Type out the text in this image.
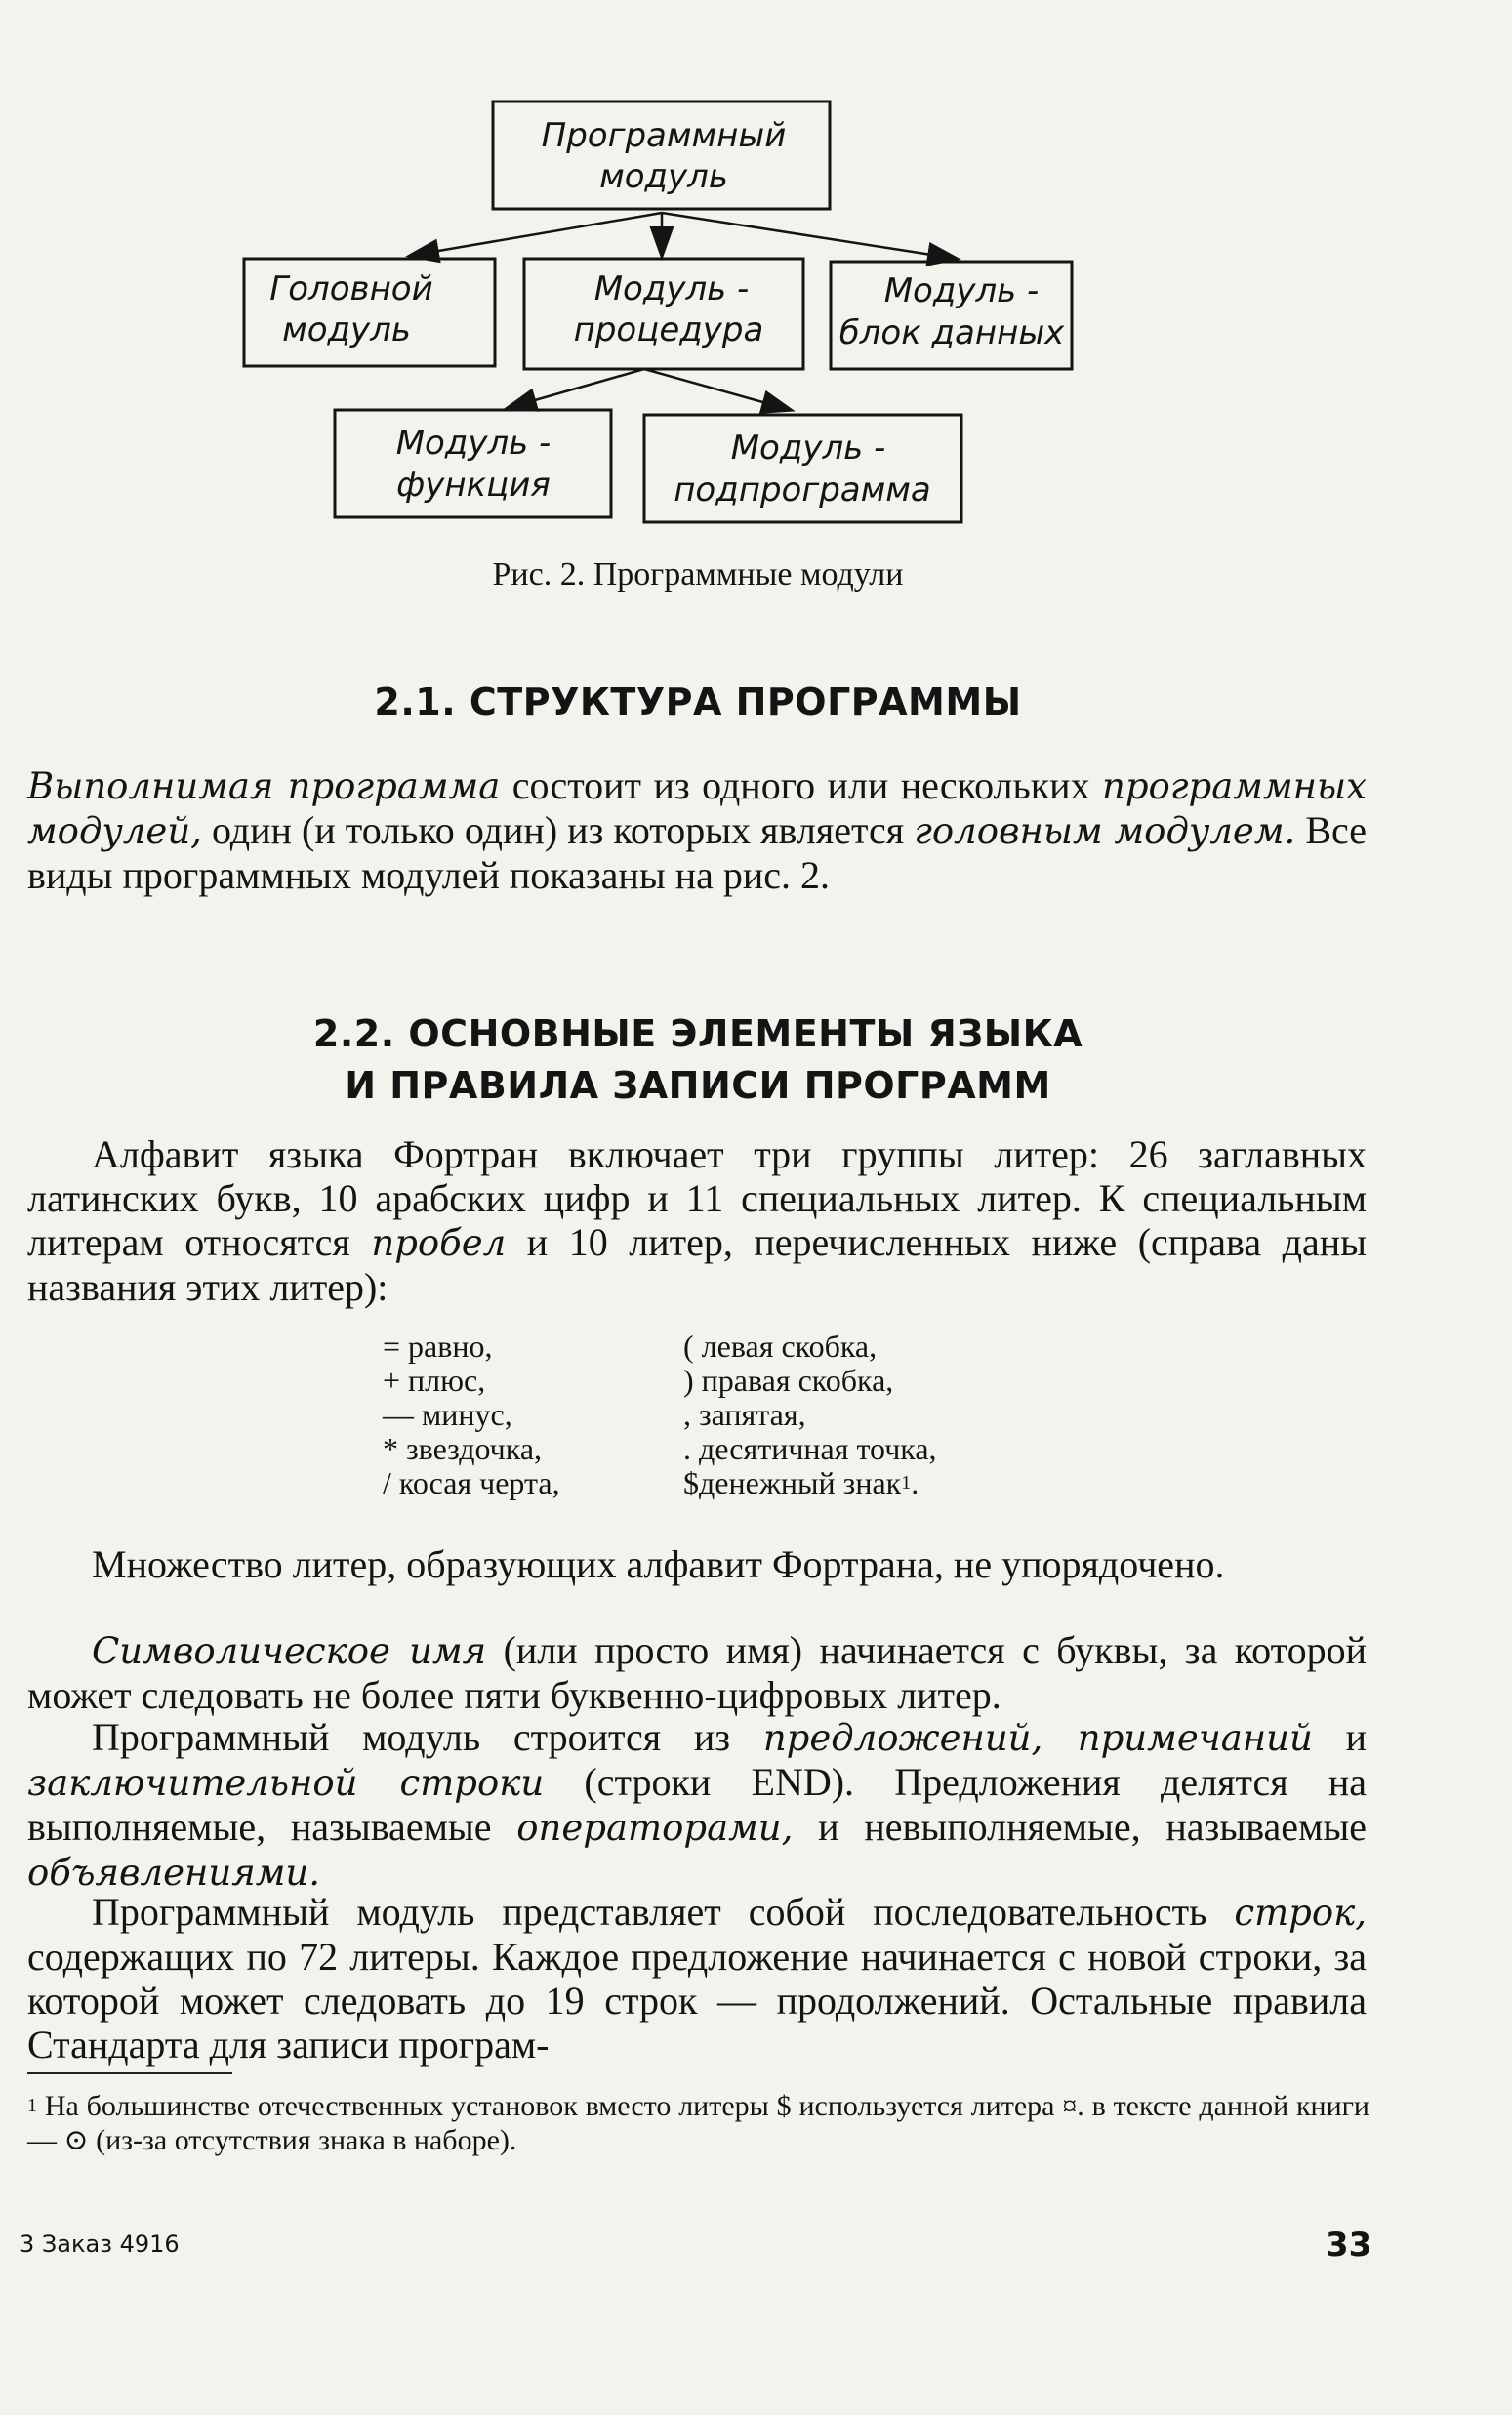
Программный
модуль
Головной
модуль
Модуль -
процедура
Модуль -
блок данных
Модуль -
функция
Модуль -
подпрограмма
Рис. 2. Программные модули
2.1. СТРУКТУРА ПРОГРАММЫ

Выполнимая программа состоит из одного или нескольких программных модулей, один (и только один) из которых является головным модулем. Все виды программных модулей показаны на рис. 2.

2.2. ОСНОВНЫЕ ЭЛЕМЕНТЫ ЯЗЫКА
И ПРАВИЛА ЗАПИСИ ПРОГРАММ

Алфавит языка Фортран включает три группы литер: 26 заглавных латинских букв, 10 арабских цифр и 11 специальных литер. К специальным литерам относятся пробел и 10 литер, перечисленных ниже (справа даны названия этих литер):

= равно,
+ плюс,
— минус,
* звездочка,
/ косая черта,
( левая скобка,
) правая скобка,
, запятая,
. десятичная точка,
$денежный знак$^1$.

Множество литер, образующих алфавит Фортрана, не упорядочено.

Символическое имя (или просто имя) начинается с буквы, за которой может следовать не более пяти буквенно-цифровых литер.

Программный модуль строится из предложений, примечаний и заключительной строки (строки END). Предложения делятся на выполняемые, называемые операторами, и невыполняемые, называемые объявлениями.

Программный модуль представляет собой последовательность строк, содержащих по 72 литеры. Каждое предложение начинается с новой строки, за которой может следовать до 19 строк — продолжений. Остальные правила Стандарта для записи програм-

$^1$ На большинстве отечественных установок вместо литеры $ используется литера ¤. в тексте данной книги — ⊙ (из-за отсутствия знака в наборе).
3 Заказ 4916	33
